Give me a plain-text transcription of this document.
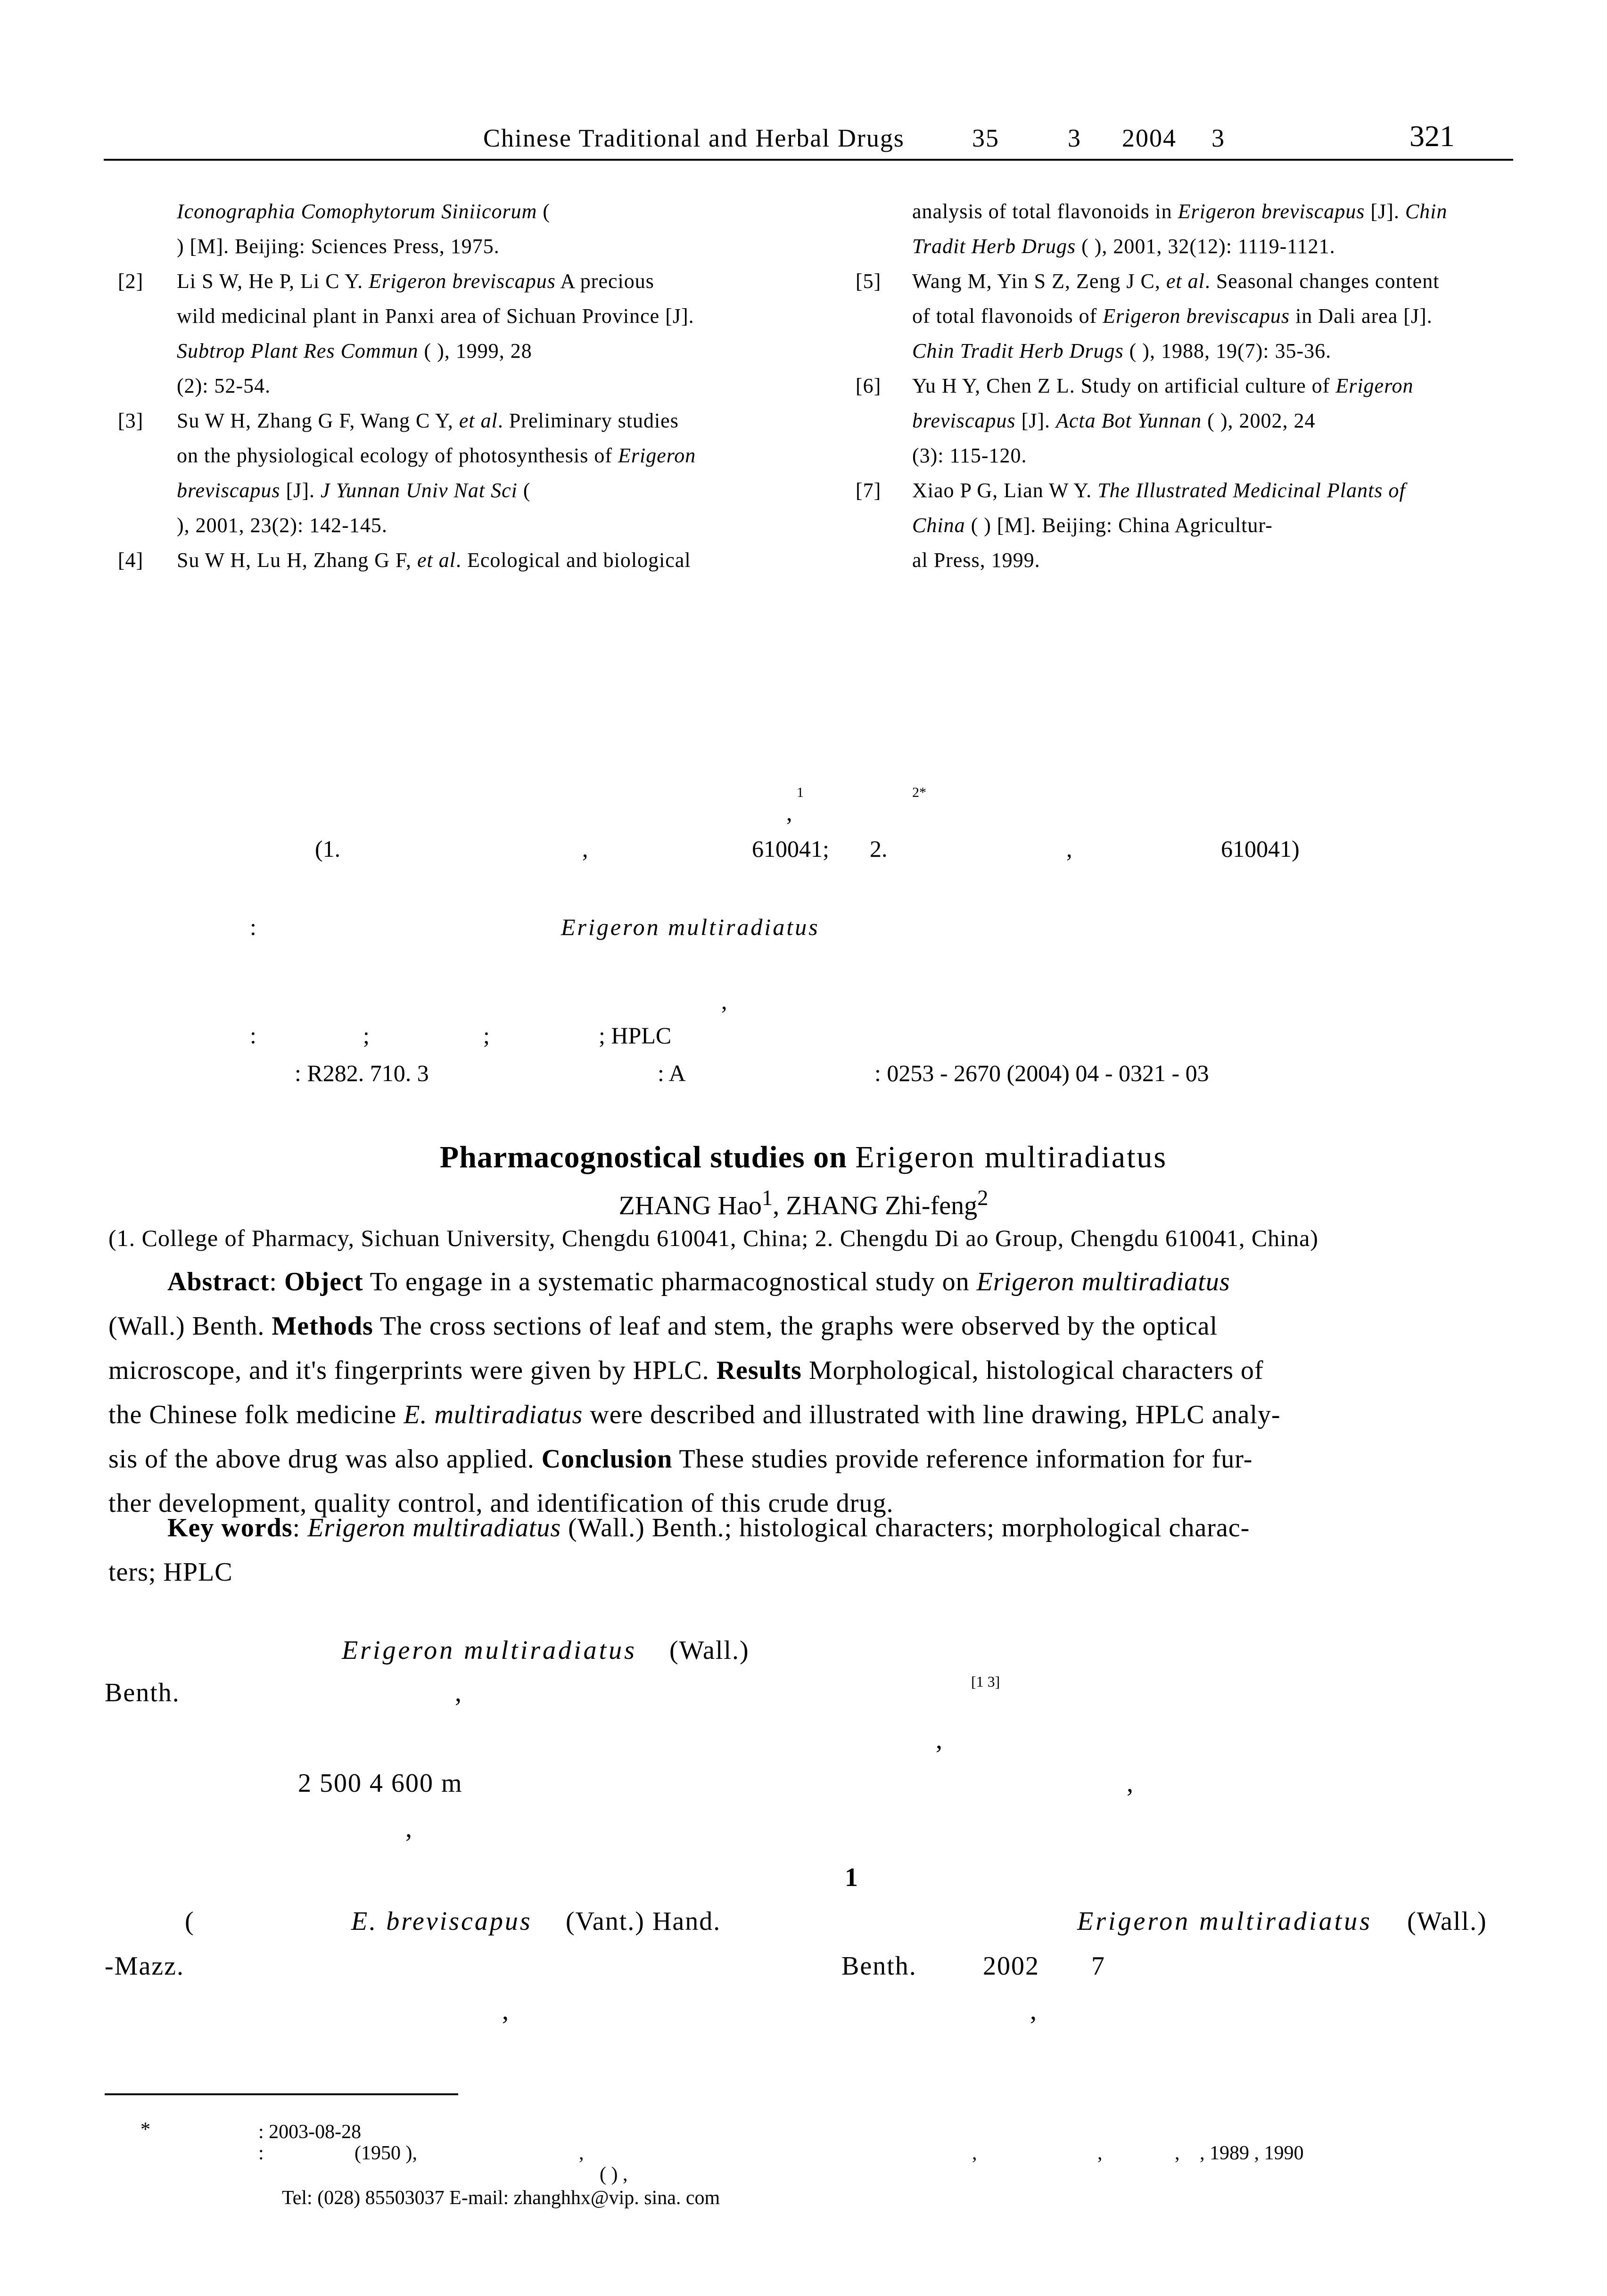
Chinese Traditional and Herbal Drugs	35	3 2004 3	321
Iconographia Comophytorum Siniicorum (
) [M]. Beijing: Sciences Press, 1975.
[2] Li S W, He P, Li C Y. Erigeron breviscapus A precious
wild medicinal plant in Panxi area of Sichuan Province [J].
Subtrop Plant Res Commun ( ), 1999, 28
(2): 52-54.
[3] Su W H, Zhang G F, Wang C Y, et al. Preliminary studies
on the physiological ecology of photosynthesis of Erigeron
breviscapus [J]. J Yunnan Univ Nat Sci (
), 2001, 23(2): 142-145.
[4] Su W H, Lu H, Zhang G F, et al. Ecological and biological
analysis of total flavonoids in Erigeron breviscapus [J]. Chin
Tradit Herb Drugs ( ), 2001, 32(12): 1119-1121.
[5] Wang M, Yin S Z, Zeng J C, et al. Seasonal changes content
of total flavonoids of Erigeron breviscapus in Dali area [J].
Chin Tradit Herb Drugs ( ), 1988, 19(7): 35-36.
[6] Yu H Y, Chen Z L. Study on artificial culture of Erigeron
breviscapus [J]. Acta Bot Yunnan ( ), 2002, 24
(3): 115-120.
[7] Xiao P G, Lian W Y. The Illustrated Medicinal Plants of
China ( ) [M]. Beijing: China Agricultur-
al Press, 1999.
1
,
2*
(1.	,	610041; 2.	,	610041)
:	Erigeron multiradiatus
,
:	;	;	; HPLC
: R282. 710. 3	: A	: 0253 - 2670 (2004) 04 - 0321 - 03
Pharmacognostical studies on Erigeron multiradiatus
ZHANG Hao$^1$, ZHANG Zhi-feng$^2$
(1. College of Pharmacy, Sichuan University, Chengdu 610041, China; 2. Chengdu Di ao Group, Chengdu 610041, China)
Abstract: Object To engage in a systematic pharmacognostical study on Erigeron multiradiatus
(Wall.) Benth. Methods The cross sections of leaf and stem, the graphs were observed by the optical
microscope, and it's fingerprints were given by HPLC. Results Morphological, histological characters of
the Chinese folk medicine E. multiradiatus were described and illustrated with line drawing, HPLC analy-
sis of the above drug was also applied. Conclusion These studies provide reference information for fur-
ther development, quality control, and identification of this crude drug.
Key words: Erigeron multiradiatus (Wall.) Benth.; histological characters; morphological charac-
ters; HPLC
Erigeron multiradiatus (Wall.)
Benth.	,	[1 3]
,
2 500 4 600 m	,
,
1
(	E. breviscapus (Vant.) Hand.	Erigeron multiradiatus (Wall.)
-Mazz.	Benth.	2002 7
,	,
*	: 2003-08-28
:	(1950 ),	,	,	,	, , 1989 , 1990
( ) ,
Tel: (028) 85503037 E-mail: zhanghhx@vip. sina. com
